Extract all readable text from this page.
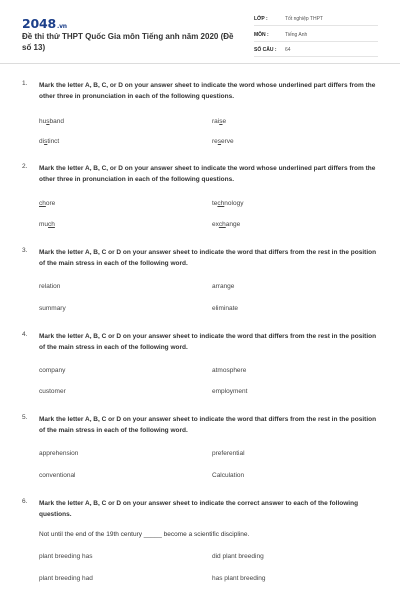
2048.vn
Đề thi thử THPT Quốc Gia môn Tiếng anh năm 2020 (Đề số 13)
LỚP :	Tốt nghiệp THPT
MÔN :	Tiếng Anh
SỐ CÂU : 64
1. Mark the letter A, B, C, or D on your answer sheet to indicate the word whose underlined part differs from the other three in pronunciation in each of the following questions.
husband	raise
distinct	reserve
2. Mark the letter A, B, C, or D on your answer sheet to indicate the word whose underlined part differs from the other three in pronunciation in each of the following questions.
chore	technology
much	exchange
3. Mark the letter A, B, C or D on your answer sheet to indicate the word that differs from the rest in the position of the main stress in each of the following word.
relation	arrange
summary	eliminate
4. Mark the letter A, B, C or D on your answer sheet to indicate the word that differs from the rest in the position of the main stress in each of the following word.
company	atmosphere
customer	employment
5. Mark the letter A, B, C or D on your answer sheet to indicate the word that differs from the rest in the position of the main stress in each of the following word.
apprehension	preferential
conventional	Calculation
6. Mark the letter A, B, C or D on your answer sheet to indicate the correct answer to each of the following questions.
Not until the end of the 19th century _____ become a scientific discipline.
plant breeding has	did plant breeding
plant breeding had	has plant breeding
